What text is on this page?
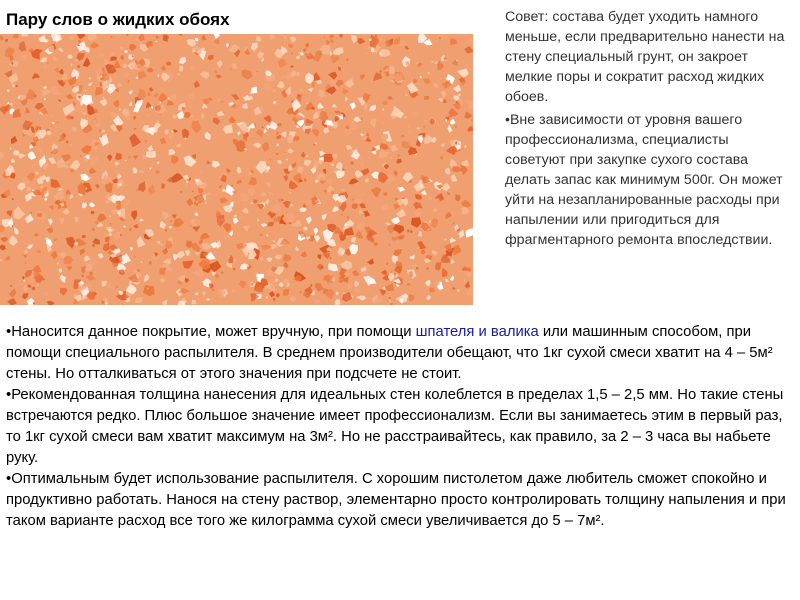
Пару слов о жидких обоях	Совет: состава будет уходить намного меньше, если предварительно нанести на стену специальный грунт, он закроет мелкие поры и сократит расход жидких обоев.

•Вне зависимости от уровня вашего профессионализма, специалисты советуют при закупке сухого состава делать запас как минимум 500г. Он может уйти на незапланированные расходы при напылении или пригодиться для фрагментарного ремонта впоследствии.

•Наносится данное покрытие, может вручную, при помощи шпателя и валика или машинным способом, при помощи специального распылителя. В среднем производители обещают, что 1кг сухой смеси хватит на 4 – 5м² стены. Но отталкиваться от этого значения при подсчете не стоит.

•Рекомендованная толщина нанесения для идеальных стен колеблется в пределах 1,5 – 2,5 мм. Но такие стены встречаются редко. Плюс большое значение имеет профессионализм. Если вы занимаетесь этим в первый раз, то 1кг сухой смеси вам хватит максимум на 3м². Но не расстраивайтесь, как правило, за 2 – 3 часа вы набьете руку.

•Оптимальным будет использование распылителя. С хорошим пистолетом даже любитель сможет спокойно и продуктивно работать. Нанося на стену раствор, элементарно просто контролировать толщину напыления и при таком варианте расход все того же килограмма сухой смеси увеличивается до 5 – 7м².
